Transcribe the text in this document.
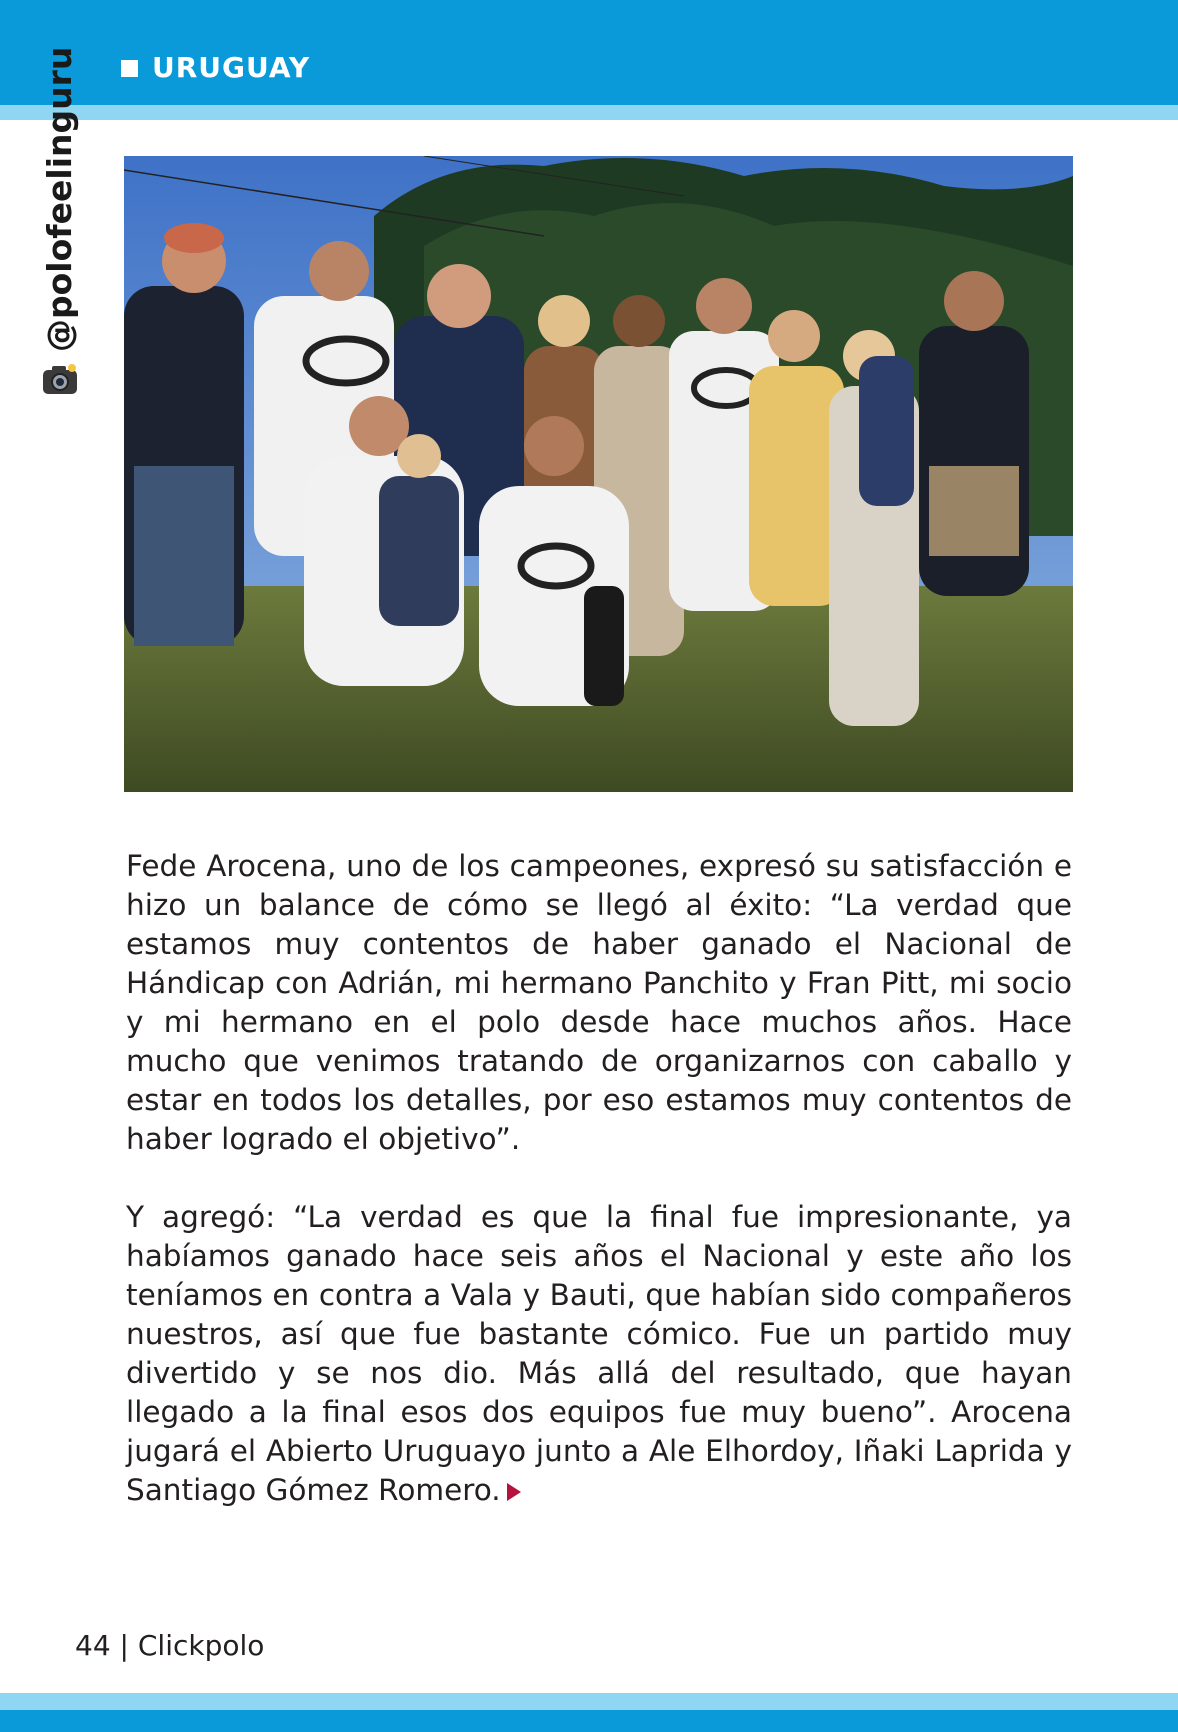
URUGUAY
@polofeelinguru

Fede Arocena, uno de los campeones, expresó su satisfacción e hizo un balance de cómo se llegó al éxito: “La verdad que estamos muy contentos de haber ganado el Nacional de Hándicap con Adrián, mi hermano Panchito y Fran Pitt, mi socio y mi hermano en el polo desde hace muchos años. Hace mucho que venimos tratando de organizarnos con caballo y estar en todos los detalles, por eso estamos muy contentos de haber logrado el objetivo”.

Y agregó: “La verdad es que la final fue impresionante, ya habíamos ganado hace seis años el Nacional y este año los teníamos en contra a Vala y Bauti, que habían sido compañeros nuestros, así que fue bastante cómico. Fue un partido muy divertido y se nos dio. Más allá del resultado, que hayan llegado a la final esos dos equipos fue muy bueno”. Arocena jugará el Abierto Uruguayo junto a Ale Elhordoy, Iñaki Laprida y Santiago Gómez Romero.

44 | Clickpolo
